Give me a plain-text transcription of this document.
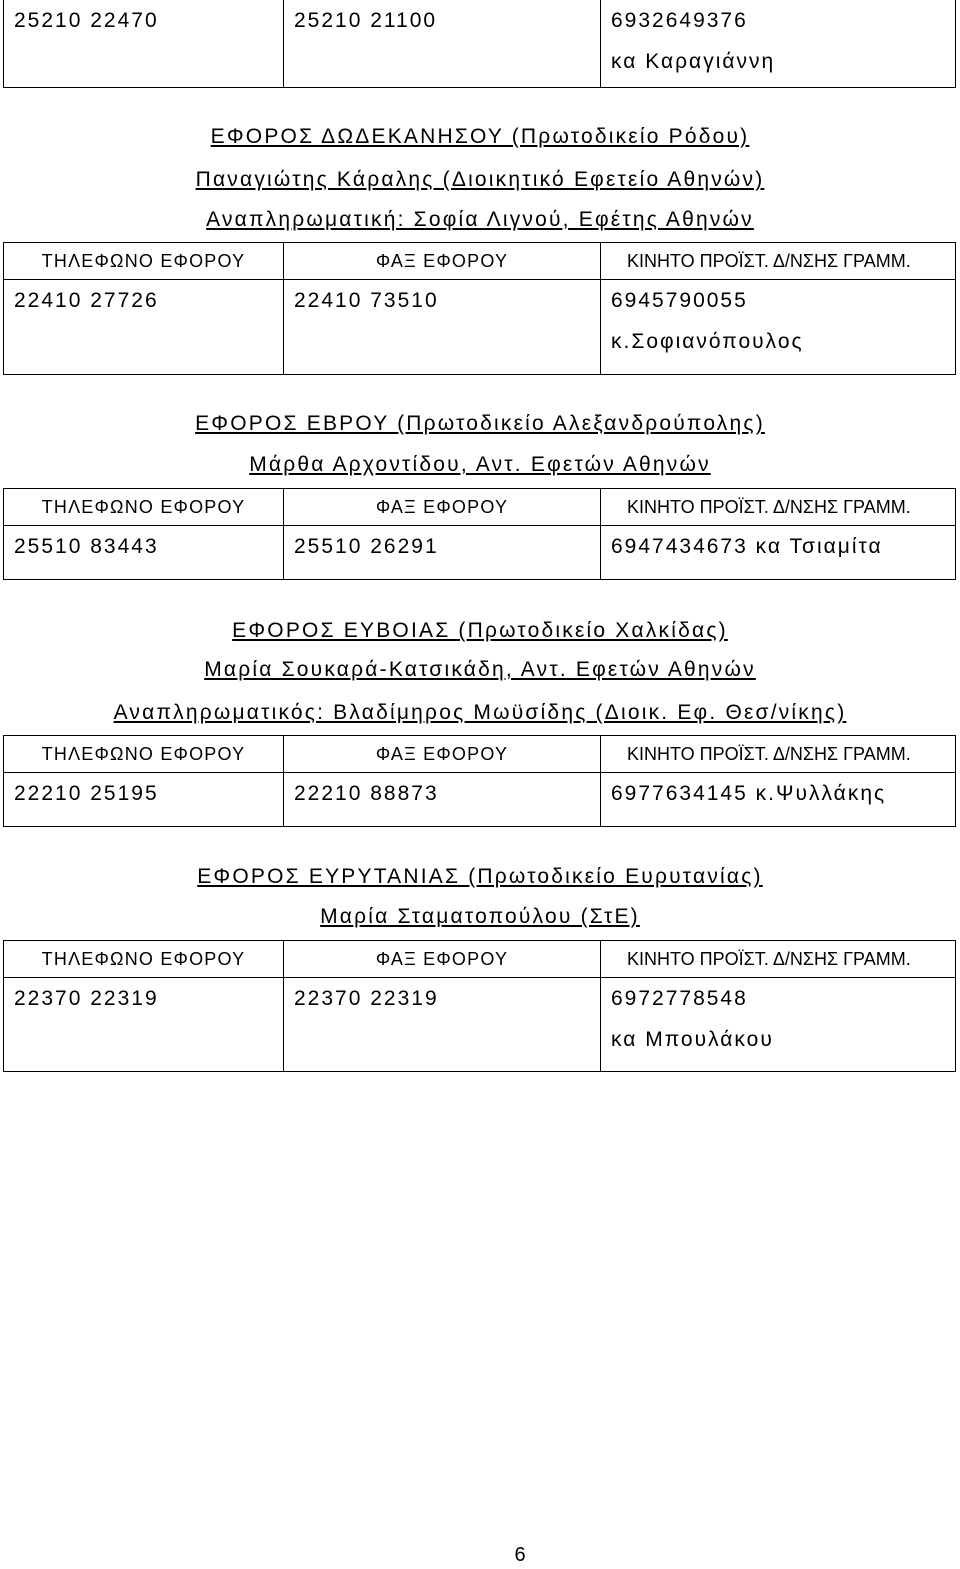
25210 22470	25210 21100	6932649376
κα Καραγιάννη
ΕΦΟΡΟΣ ΔΩΔΕΚΑΝΗΣΟΥ (Πρωτοδικείο Ρόδου)
Παναγιώτης Κάραλης (Διοικητικό Εφετείο Αθηνών)
Αναπληρωματική: Σοφία Λιγνού, Εφέτης Αθηνών
ΤΗΛΕΦΩΝΟ ΕΦΟΡΟΥ	ΦΑΞ ΕΦΟΡΟΥ	ΚΙΝΗΤΟ ΠΡΟΪΣΤ. Δ/ΝΣΗΣ ΓΡΑΜΜ.

22410 27726	22410 73510	6945790055
κ.Σοφιανόπουλος
ΕΦΟΡΟΣ ΕΒΡΟΥ (Πρωτοδικείο Αλεξανδρούπολης)
Μάρθα Αρχοντίδου, Αντ. Εφετών Αθηνών
ΤΗΛΕΦΩΝΟ ΕΦΟΡΟΥ	ΦΑΞ ΕΦΟΡΟΥ	ΚΙΝΗΤΟ ΠΡΟΪΣΤ. Δ/ΝΣΗΣ ΓΡΑΜΜ.

25510 83443	25510 26291	6947434673 κα Τσιαμίτα
ΕΦΟΡΟΣ ΕΥΒΟΙΑΣ (Πρωτοδικείο Χαλκίδας)
Μαρία Σουκαρά-Κατσικάδη, Αντ. Εφετών Αθηνών
Αναπληρωματικός: Βλαδίμηρος Μωϋσίδης (Διοικ. Εφ. Θεσ/νίκης)
ΤΗΛΕΦΩΝΟ ΕΦΟΡΟΥ	ΦΑΞ ΕΦΟΡΟΥ	ΚΙΝΗΤΟ ΠΡΟΪΣΤ. Δ/ΝΣΗΣ ΓΡΑΜΜ.

22210 25195	22210 88873	6977634145 κ.Ψυλλάκης
ΕΦΟΡΟΣ ΕΥΡΥΤΑΝΙΑΣ (Πρωτοδικείο Ευρυτανίας)
Μαρία Σταματοπούλου (ΣτΕ)
ΤΗΛΕΦΩΝΟ ΕΦΟΡΟΥ	ΦΑΞ ΕΦΟΡΟΥ	ΚΙΝΗΤΟ ΠΡΟΪΣΤ. Δ/ΝΣΗΣ ΓΡΑΜΜ.

22370 22319	22370 22319	6972778548
κα Μπουλάκου
6
